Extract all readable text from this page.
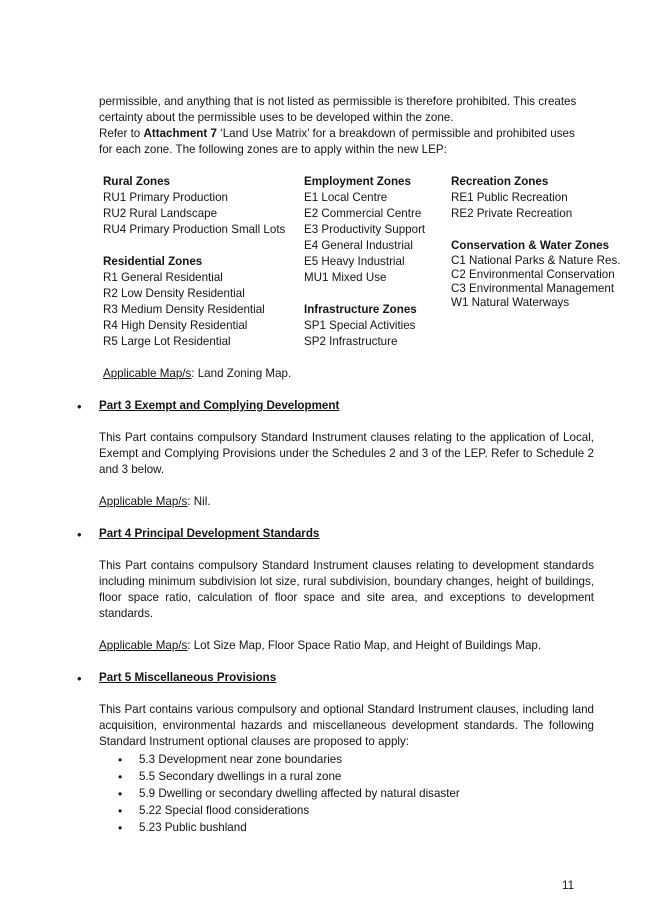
permissible, and anything that is not listed as permissible is therefore prohibited. This creates

certainty about the permissible uses to be developed within the zone.

Refer to Attachment 7 ‘Land Use Matrix’ for a breakdown of permissible and prohibited uses

for each zone. The following zones are to apply within the new LEP:

Rural Zones

RU1 Primary Production

RU2 Rural Landscape

RU4 Primary Production Small Lots

Residential Zones

R1 General Residential

R2 Low Density Residential

R3 Medium Density Residential

R4 High Density Residential

R5 Large Lot Residential

Employment Zones

E1 Local Centre

E2 Commercial Centre

E3 Productivity Support

E4 General Industrial

E5 Heavy Industrial

MU1 Mixed Use

Infrastructure Zones

SP1 Special Activities

SP2 Infrastructure

Recreation Zones

RE1 Public Recreation

RE2 Private Recreation

Conservation & Water Zones

C1 National Parks & Nature Res.

C2 Environmental Conservation

C3 Environmental Management

W1 Natural Waterways

Applicable Map/s: Land Zoning Map.
• Part 3 Exempt and Complying Development

This Part contains compulsory Standard Instrument clauses relating to the application of Local, Exempt and Complying Provisions under the Schedules 2 and 3 of the LEP. Refer to Schedule 2 and 3 below.

Applicable Map/s: Nil.
• Part 4 Principal Development Standards

This Part contains compulsory Standard Instrument clauses relating to development standards including minimum subdivision lot size, rural subdivision, boundary changes, height of buildings, floor space ratio, calculation of floor space and site area, and exceptions to development standards.

Applicable Map/s: Lot Size Map, Floor Space Ratio Map, and Height of Buildings Map.
• Part 5 Miscellaneous Provisions

This Part contains various compulsory and optional Standard Instrument clauses, including land acquisition, environmental hazards and miscellaneous development standards. The following Standard Instrument optional clauses are proposed to apply:

• 5.3 Development near zone boundaries
• 5.5 Secondary dwellings in a rural zone
• 5.9 Dwelling or secondary dwelling affected by natural disaster
• 5.22 Special flood considerations
• 5.23 Public bushland
11
